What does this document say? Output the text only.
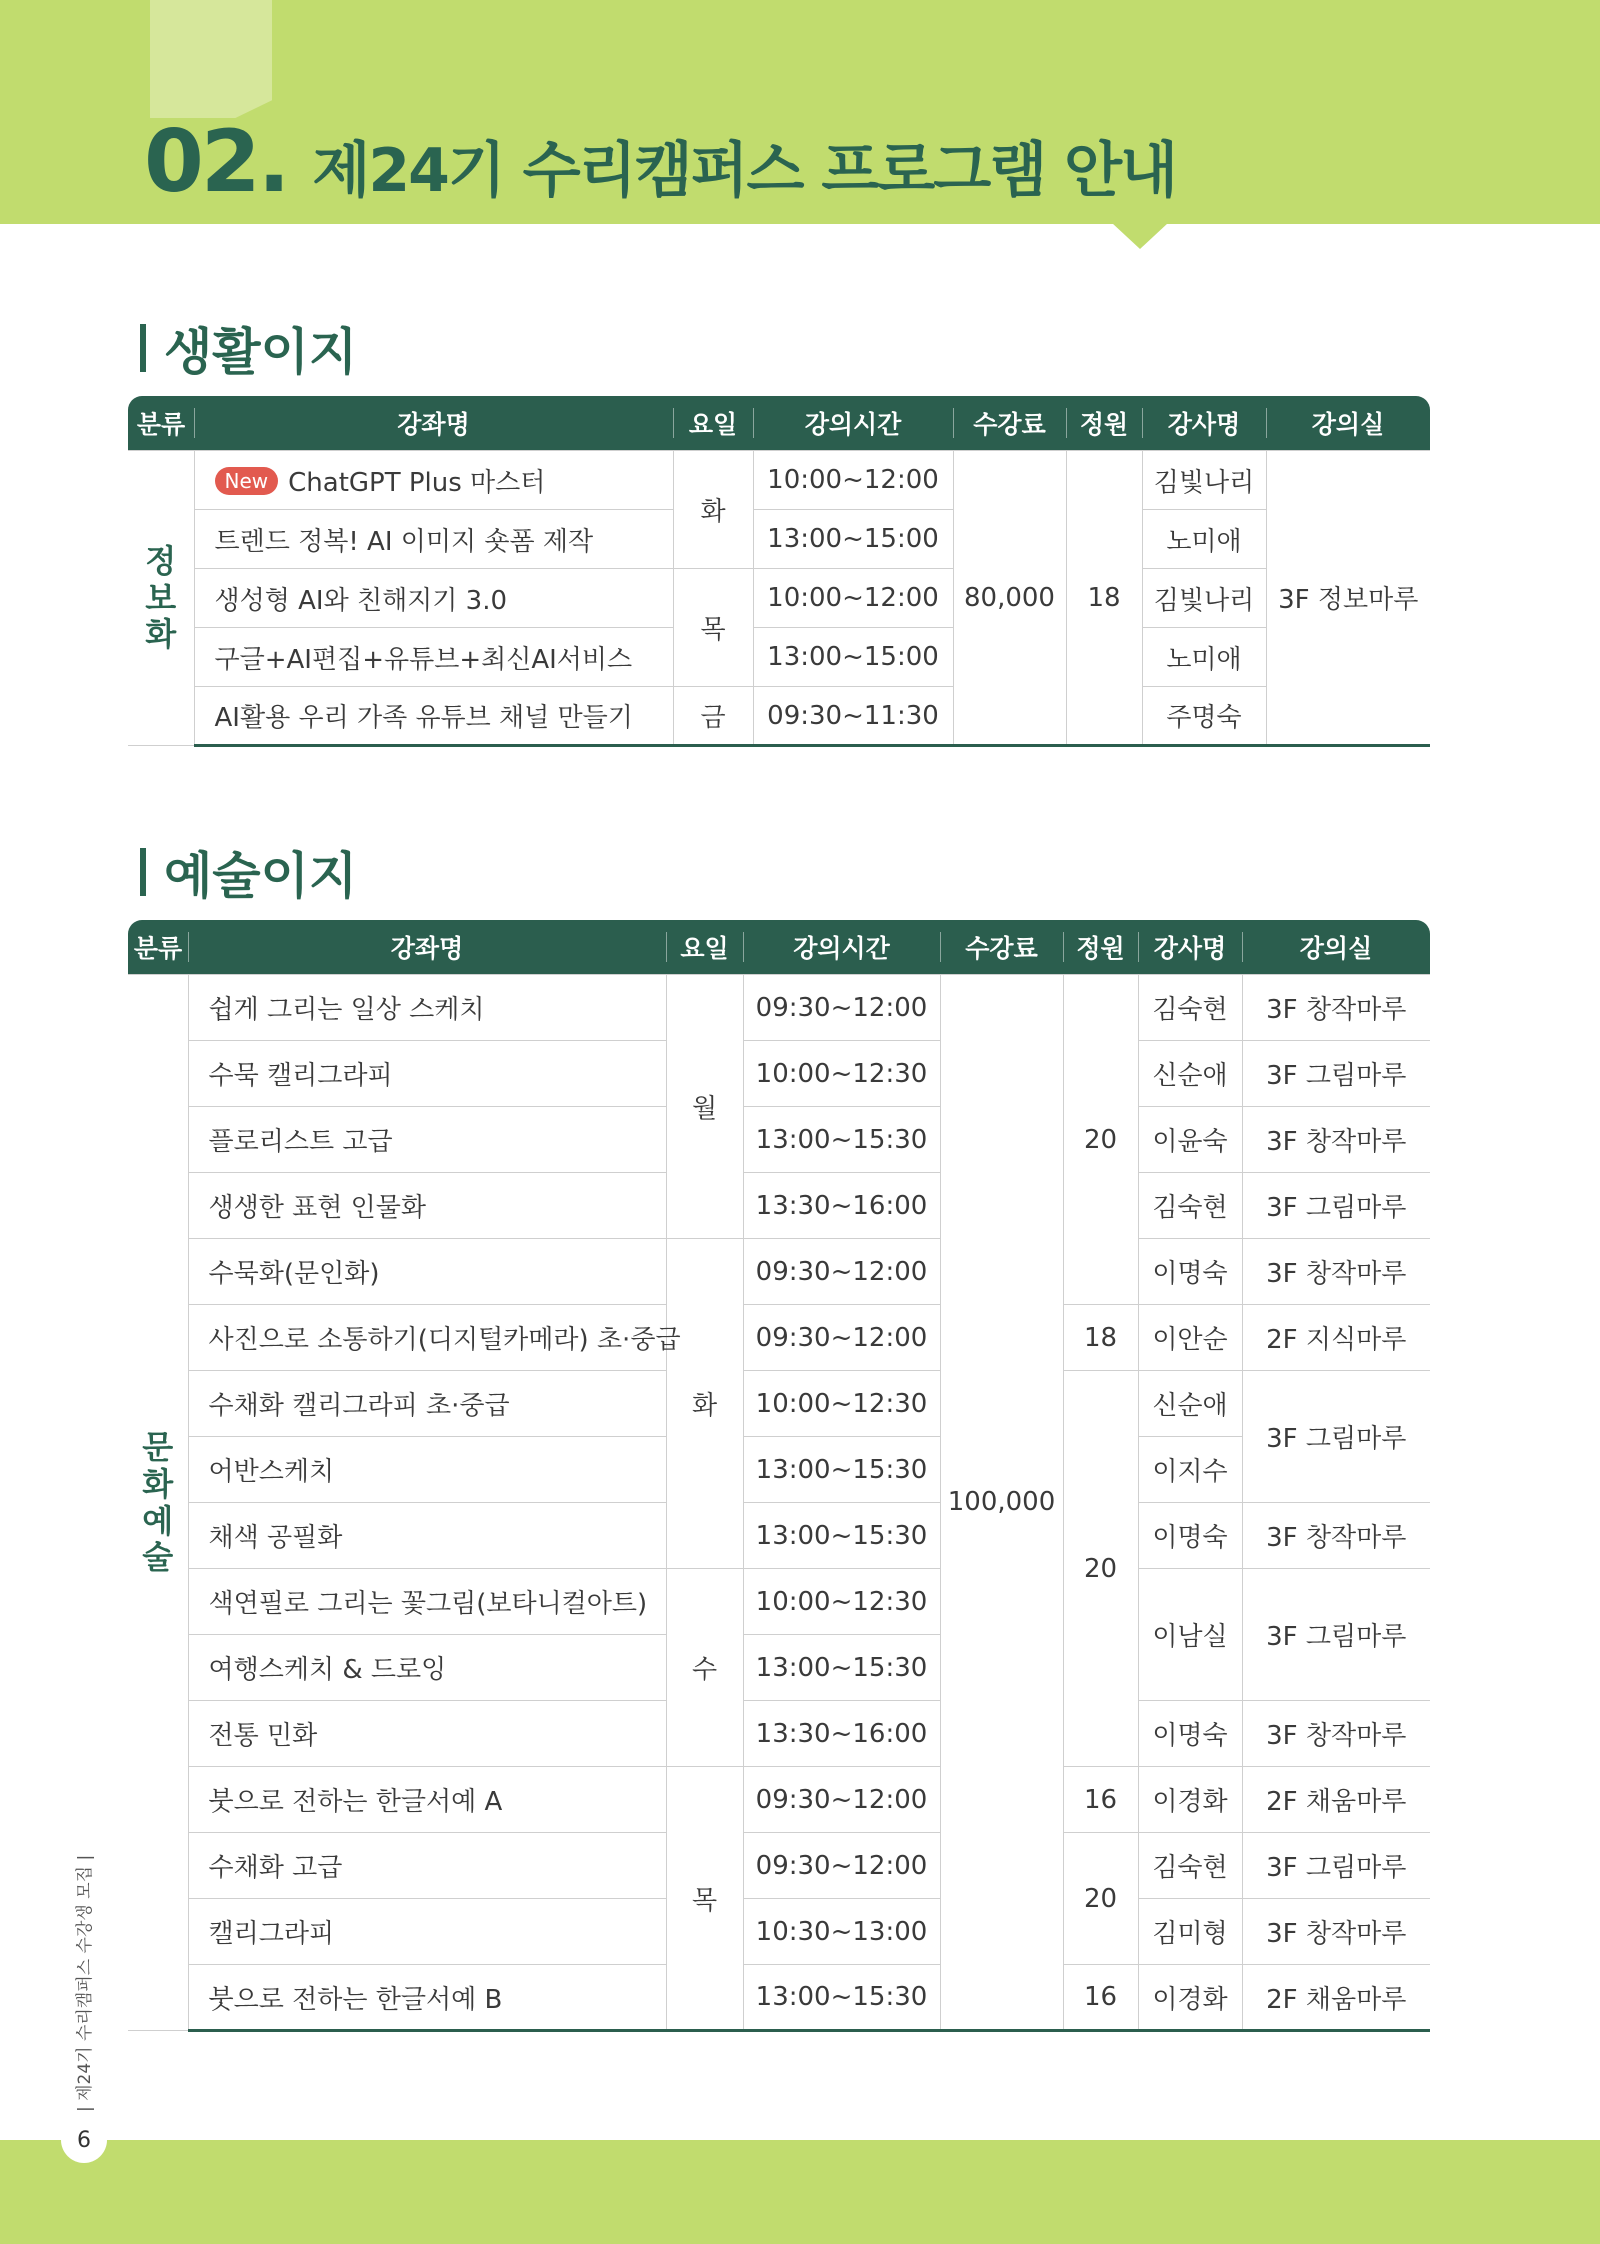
02 . 제24기 수리캠퍼스 프로그램 안내
생활이지
분류	강좌명	요일	강의시간	수강료	정원	강사명	강의실

정
보
화	New ChatGPT Plus 마스터	화	10:00~12:00	80,000	18	김빛나리	3F 정보마루
	트렌드 정복! AI 이미지 숏폼 제작		13:00~15:00			노미애	
	생성형 AI와 친해지기 3.0	목	10:00~12:00			김빛나리	
	구글+AI편집+유튜브+최신AI서비스		13:00~15:00			노미애	
	AI활용 우리 가족 유튜브 채널 만들기	금	09:30~11:30			주명숙	
예술이지
분류	강좌명	요일	강의시간	수강료	정원	강사명	강의실

문
화
예
술	쉽게 그리는 일상 스케치	월	09:30~12:00	100,000	20	김숙현	3F 창작마루
	수묵 캘리그라피		10:00~12:30			신순애	3F 그림마루
	플로리스트 고급		13:00~15:30			이윤숙	3F 창작마루
	생생한 표현 인물화		13:30~16:00			김숙현	3F 그림마루
	수묵화(문인화)	화	09:30~12:00			이명숙	3F 창작마루
	사진으로 소통하기(디지털카메라) 초·중급		09:30~12:00		18	이안순	2F 지식마루
	수채화 캘리그라피 초·중급		10:00~12:30		20	신순애	3F 그림마루
	어반스케치		13:00~15:30			이지수	
	채색 공필화		13:00~15:30			이명숙	3F 창작마루
	색연필로 그리는 꽃그림(보타니컬아트)	수	10:00~12:30			이남실	3F 그림마루
	여행스케치 & 드로잉		13:00~15:30				
	전통 민화		13:30~16:00			이명숙	3F 창작마루
	붓으로 전하는 한글서예 A	목	09:30~12:00		16	이경화	2F 채움마루
	수채화 고급		09:30~12:00		20	김숙현	3F 그림마루
	캘리그라피		10:30~13:00			김미형	3F 창작마루
	붓으로 전하는 한글서예 B		13:00~15:30		16	이경화	2F 채움마루
| 제24기 수리캠퍼스 수강생 모집 |
6
